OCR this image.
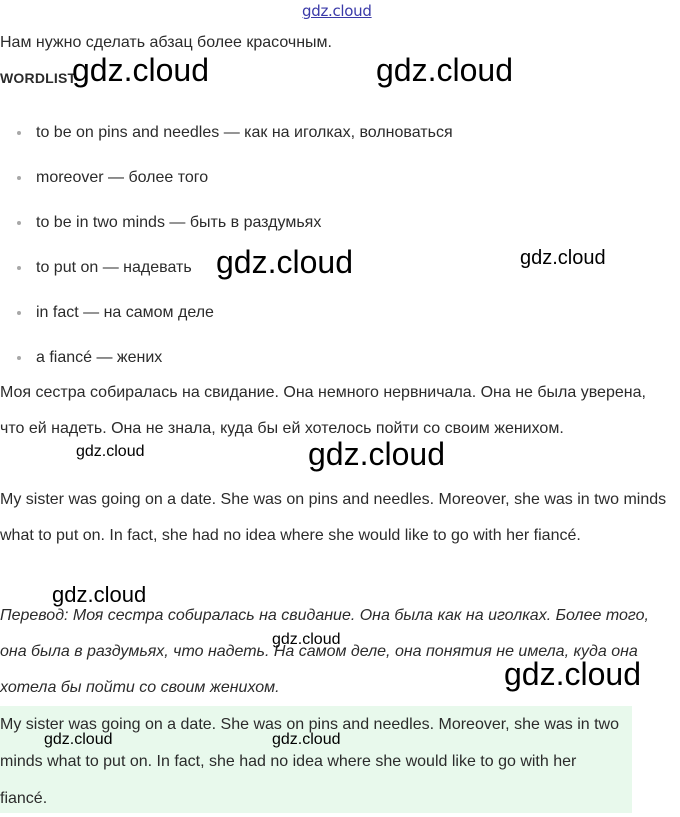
gdz.cloud
Нам нужно сделать абзац более красочным.
WORDLIST
to be on pins and needles — как на иголках, волноваться
moreover — более того
to be in two minds — быть в раздумьях
to put on — надевать
in fact — на самом деле
a fiancé — жених

Моя сестра собиралась на свидание. Она немного нервничала. Она не была уверена, что ей надеть. Она не знала, куда бы ей хотелось пойти со своим женихом.

My sister was going on a date. She was on pins and needles. Moreover, she was in two minds what to put on. In fact, she had no idea where she would like to go with her fiancé.

Перевод: Моя сестра собиралась на свидание. Она была как на иголках. Более того, она была в раздумьях, что надеть. На самом деле, она понятия не имела, куда она хотела бы пойти со своим женихом.

My sister was going on a date. She was on pins and needles. Moreover, she was in two minds what to put on. In fact, she had no idea where she would like to go with her fiancé.

gdz.cloud	gdz.cloud
gdz.cloud	gdz.cloud
gdz.cloud	gdz.cloud
gdz.cloud
gdz.cloud
gdz.cloud
gdz.cloud	gdz.cloud
